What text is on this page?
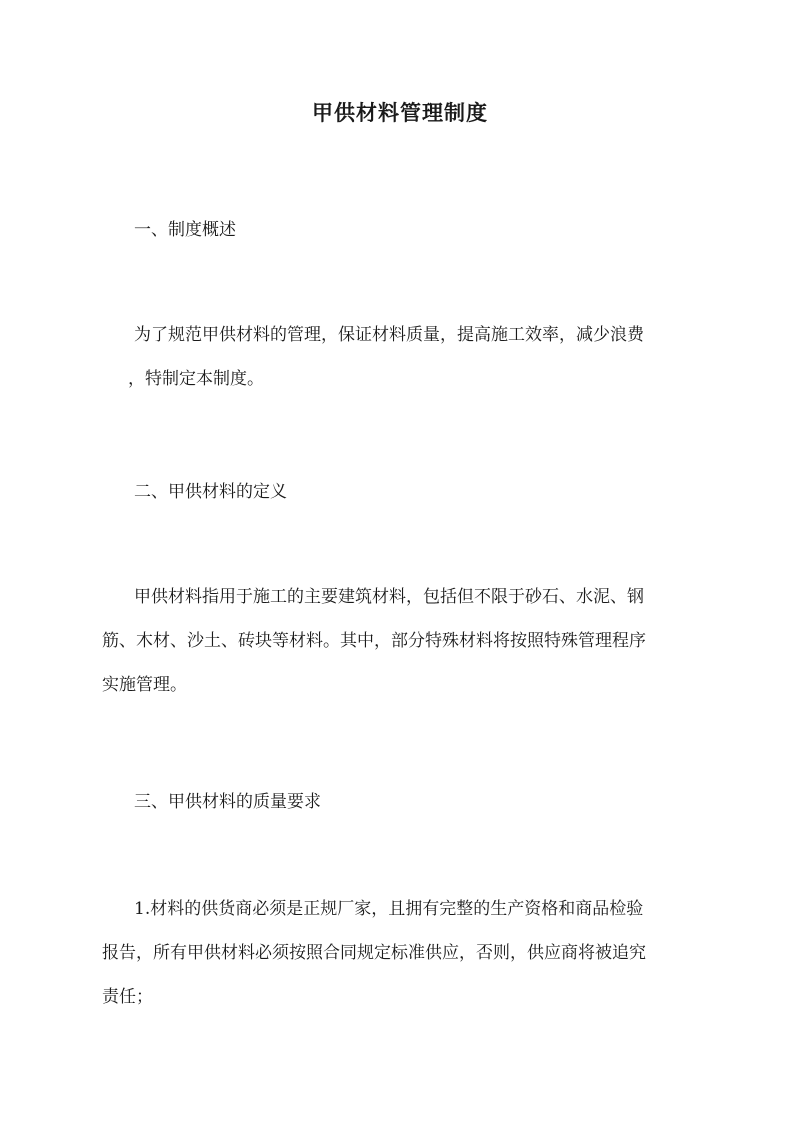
甲供材料管理制度

一、制度概述

为了规范甲供材料的管理，保证材料质量，提高施工效率，减少浪费
，特制定本制度。

二、甲供材料的定义

甲供材料指用于施工的主要建筑材料，包括但不限于砂石、水泥、钢
筋、木材、沙土、砖块等材料。其中，部分特殊材料将按照特殊管理程序
实施管理。

三、甲供材料的质量要求

1.材料的供货商必须是正规厂家，且拥有完整的生产资格和商品检验
报告，所有甲供材料必须按照合同规定标准供应，否则，供应商将被追究
责任；
